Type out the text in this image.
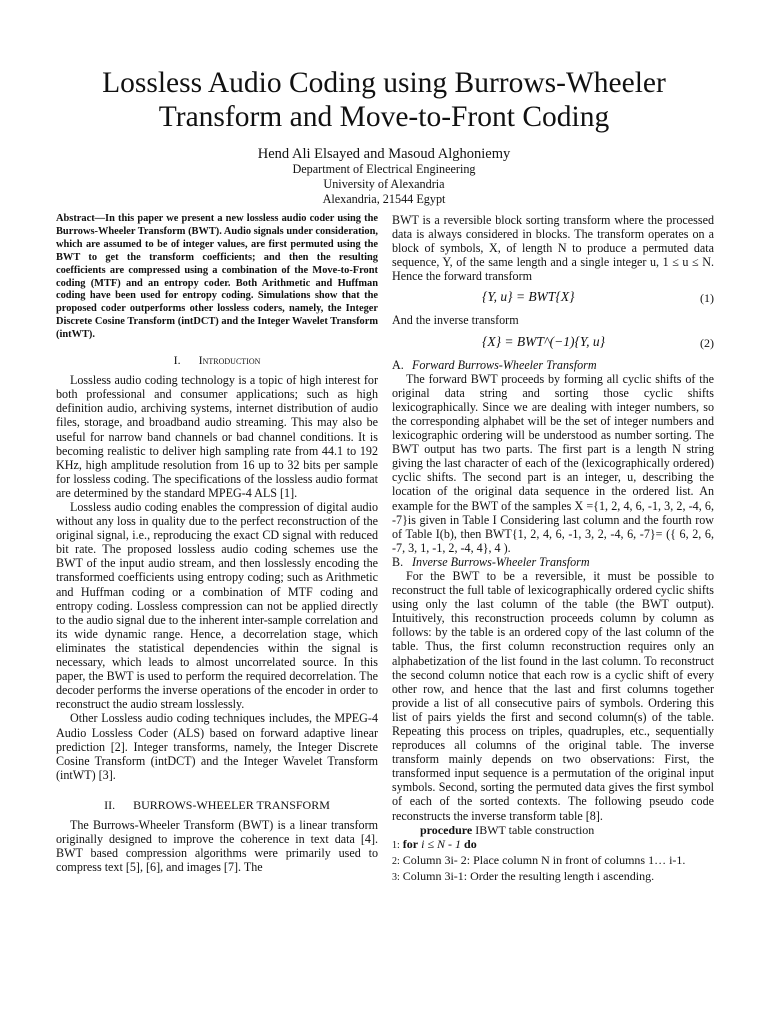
Lossless Audio Coding using Burrows-Wheeler
Transform and Move-to-Front Coding
Hend Ali Elsayed and Masoud Alghoniemy
Department of Electrical Engineering
University of Alexandria
Alexandria, 21544 Egypt

Abstract—In this paper we present a new lossless audio coder using the Burrows-Wheeler Transform (BWT). Audio signals under consideration, which are assumed to be of integer values, are first permuted using the BWT to get the transform coefficients; and then the resulting coefficients are compressed using a combination of the Move-to-Front coding (MTF) and an entropy coder. Both Arithmetic and Huffman coding have been used for entropy coding. Simulations show that the proposed coder outperforms other lossless coders, namely, the Integer Discrete Cosine Transform (intDCT) and the Integer Wavelet Transform (intWT).

I. Introduction

Lossless audio coding technology is a topic of high interest for both professional and consumer applications; such as high definition audio, archiving systems, internet distribution of audio files, storage, and broadband audio streaming. This may also be useful for narrow band channels or bad channel conditions. It is becoming realistic to deliver high sampling rate from 44.1 to 192 KHz, high amplitude resolution from 16 up to 32 bits per sample for lossless coding. The specifications of the lossless audio format are determined by the standard MPEG-4 ALS [1].

Lossless audio coding enables the compression of digital audio without any loss in quality due to the perfect reconstruction of the original signal, i.e., reproducing the exact CD signal with reduced bit rate. The proposed lossless audio coding schemes use the BWT of the input audio stream, and then losslessly encoding the transformed coefficients using entropy coding; such as Arithmetic and Huffman coding or a combination of MTF coding and entropy coding. Lossless compression can not be applied directly to the audio signal due to the inherent inter-sample correlation and its wide dynamic range. Hence, a decorrelation stage, which eliminates the statistical dependencies within the signal is necessary, which leads to almost uncorrelated source. In this paper, the BWT is used to perform the required decorrelation. The decoder performs the inverse operations of the encoder in order to reconstruct the audio stream losslessly.

Other Lossless audio coding techniques includes, the MPEG-4 Audio Lossless Coder (ALS) based on forward adaptive linear prediction [2]. Integer transforms, namely, the Integer Discrete Cosine Transform (intDCT) and the Integer Wavelet Transform (intWT) [3].

II. BURROWS-WHEELER TRANSFORM

The Burrows-Wheeler Transform (BWT) is a linear transform originally designed to improve the coherence in text data [4]. BWT based compression algorithms were primarily used to compress text [5], [6], and images [7]. The

BWT is a reversible block sorting transform where the processed data is always considered in blocks. The transform operates on a block of symbols, X, of length N to produce a permuted data sequence, Y, of the same length and a single integer u, 1 ≤ u ≤ N. Hence the forward transform

{Y, u} = BWT{X}	(1)

And the inverse transform

{X} = BWT^(−1){Y, u}	(2)
A. Forward Burrows-Wheeler Transform

The forward BWT proceeds by forming all cyclic shifts of the original data string and sorting those cyclic shifts lexicographically. Since we are dealing with integer numbers, so the corresponding alphabet will be the set of integer numbers and lexicographic ordering will be understood as number sorting. The BWT output has two parts. The first part is a length N string giving the last character of each of the (lexicographically ordered) cyclic shifts. The second part is an integer, u, describing the location of the original data sequence in the ordered list. An example for the BWT of the samples X ={1, 2, 4, 6, -1, 3, 2, -4, 6, -7}is given in Table I Considering last column and the fourth row of Table I(b), then BWT{1, 2, 4, 6, -1, 3, 2, -4, 6, -7}= ({ 6, 2, 6, -7, 3, 1, -1, 2, -4, 4}, 4 ).

B. Inverse Burrows-Wheeler Transform

For the BWT to be a reversible, it must be possible to reconstruct the full table of lexicographically ordered cyclic shifts using only the last column of the table (the BWT output). Intuitively, this reconstruction proceeds column by column as follows: by the table is an ordered copy of the last column of the table. Thus, the first column reconstruction requires only an alphabetization of the list found in the last column. To reconstruct the second column notice that each row is a cyclic shift of every other row, and hence that the last and first columns together provide a list of all consecutive pairs of symbols. Ordering this list of pairs yields the first and second column(s) of the table. Repeating this process on triples, quadruples, etc., sequentially reproduces all columns of the original table. The inverse transform mainly depends on two observations: First, the transformed input sequence is a permutation of the original input symbols. Second, sorting the permuted data gives the first symbol of each of the sorted contexts. The following pseudo code reconstructs the inverse transform table [8].

procedure IBWT table construction
1: for i ≤ N - 1 do
2: Column 3i- 2: Place column N in front of columns 1… i-1.
3: Column 3i-1: Order the resulting length i ascending.
